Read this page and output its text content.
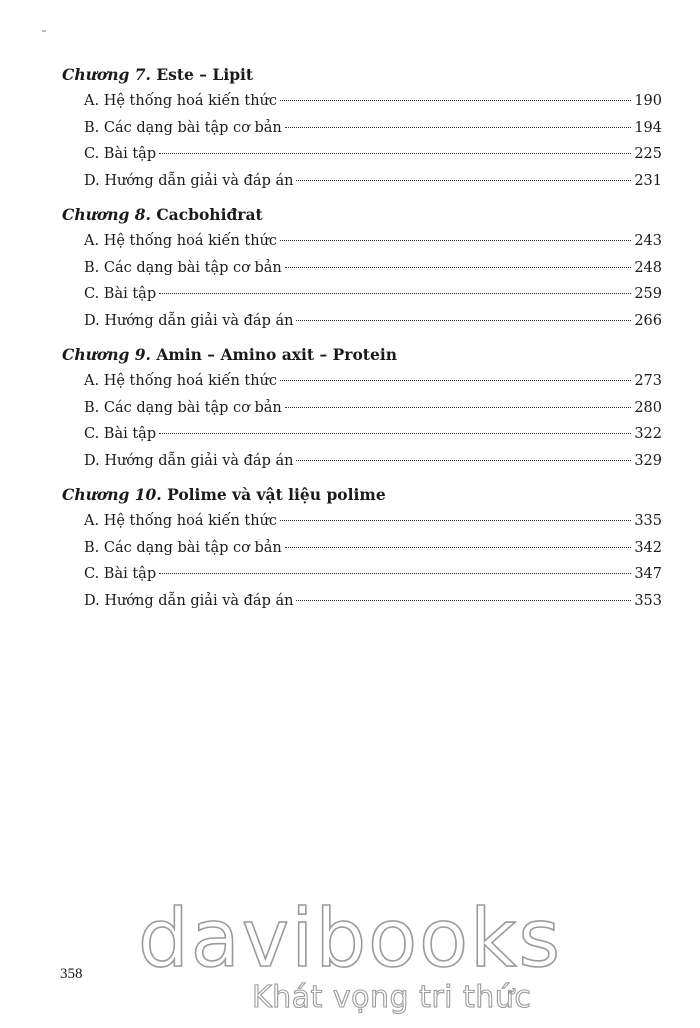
Chương 7. Este – Lipit
A. Hệ thống hoá kiến thức	190
B. Các dạng bài tập cơ bản	194
C. Bài tập	225
D. Hướng dẫn giải và đáp án	231
Chương 8. Cacbohiđrat
A. Hệ thống hoá kiến thức	243
B. Các dạng bài tập cơ bản	248
C. Bài tập	259
D. Hướng dẫn giải và đáp án	266
Chương 9. Amin – Amino axit – Protein
A. Hệ thống hoá kiến thức	273
B. Các dạng bài tập cơ bản	280
C. Bài tập	322
D. Hướng dẫn giải và đáp án	329
Chương 10. Polime và vật liệu polime
A. Hệ thống hoá kiến thức	335
B. Các dạng bài tập cơ bản	342
C. Bài tập	347
D. Hướng dẫn giải và đáp án	353
358 davibooks
Khát vọng tri thức
